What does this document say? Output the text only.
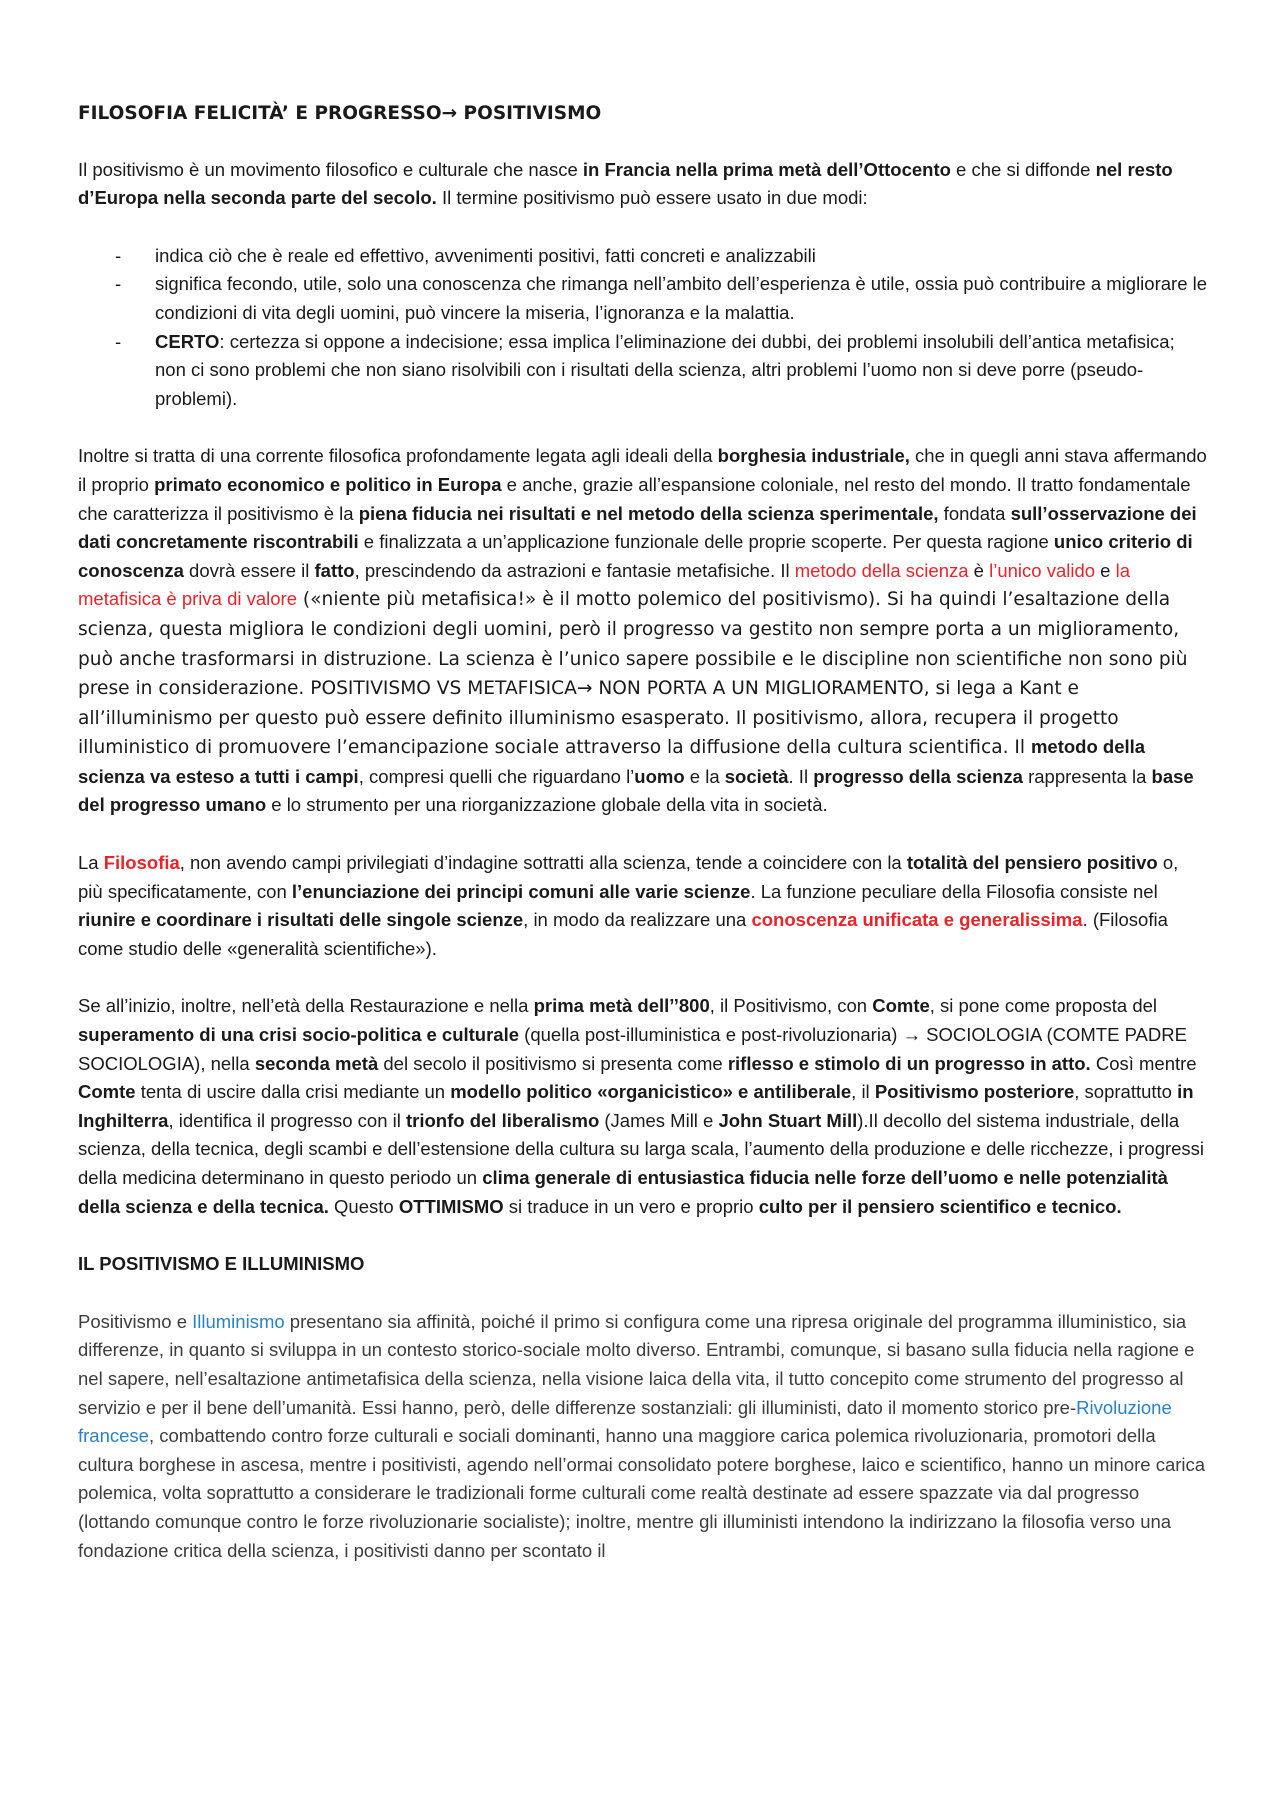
FILOSOFIA FELICITÀ’ E PROGRESSO→ POSITIVISMO

Il positivismo è un movimento filosofico e culturale che nasce in Francia nella prima metà dell’Ottocento e che si diffonde nel resto d’Europa nella seconda parte del secolo. Il termine positivismo può essere usato in due modi:

- indica ciò che è reale ed effettivo, avvenimenti positivi, fatti concreti e analizzabili
- significa fecondo, utile, solo una conoscenza che rimanga nell’ambito dell’esperienza è utile, ossia può contribuire a migliorare le condizioni di vita degli uomini, può vincere la miseria, l’ignoranza e la malattia.
- CERTO: certezza si oppone a indecisione; essa implica l’eliminazione dei dubbi, dei problemi insolubili dell’antica metafisica; non ci sono problemi che non siano risolvibili con i risultati della scienza, altri problemi l’uomo non si deve porre (pseudo-problemi).

Inoltre si tratta di una corrente filosofica profondamente legata agli ideali della borghesia industriale, che in quegli anni stava affermando il proprio primato economico e politico in Europa e anche, grazie all’espansione coloniale, nel resto del mondo. Il tratto fondamentale che caratterizza il positivismo è la piena fiducia nei risultati e nel metodo della scienza sperimentale, fondata sull’osservazione dei dati concretamente riscontrabili e finalizzata a un’applicazione funzionale delle proprie scoperte. Per questa ragione unico criterio di conoscenza dovrà essere il fatto, prescindendo da astrazioni e fantasie metafisiche. Il metodo della scienza è l’unico valido e la metafisica è priva di valore («niente più metafisica!» è il motto polemico del positivismo). Si ha quindi l’esaltazione della scienza, questa migliora le condizioni degli uomini, però il progresso va gestito non sempre porta a un miglioramento, può anche trasformarsi in distruzione. La scienza è l’unico sapere possibile e le discipline non scientifiche non sono più prese in considerazione. POSITIVISMO VS METAFISICA→ NON PORTA A UN MIGLIORAMENTO, si lega a Kant e all’illuminismo per questo può essere definito illuminismo esasperato. Il positivismo, allora, recupera il progetto illuministico di promuovere l’emancipazione sociale attraverso la diffusione della cultura scientifica. Il metodo della scienza va esteso a tutti i campi, compresi quelli che riguardano l’uomo e la società. Il progresso della scienza rappresenta la base del progresso umano e lo strumento per una riorganizzazione globale della vita in società.

La Filosofia, non avendo campi privilegiati d’indagine sottratti alla scienza, tende a coincidere con la totalità del pensiero positivo o, più specificatamente, con l’enunciazione dei principi comuni alle varie scienze. La funzione peculiare della Filosofia consiste nel riunire e coordinare i risultati delle singole scienze, in modo da realizzare una conoscenza unificata e generalissima. (Filosofia come studio delle «generalità scientifiche»).

Se all’inizio, inoltre, nell’età della Restaurazione e nella prima metà dell’’800, il Positivismo, con Comte, si pone come proposta del superamento di una crisi socio-politica e culturale (quella post-illuministica e post-rivoluzionaria) → SOCIOLOGIA (COMTE PADRE SOCIOLOGIA), nella seconda metà del secolo il positivismo si presenta come riflesso e stimolo di un progresso in atto. Così mentre Comte tenta di uscire dalla crisi mediante un modello politico «organicistico» e antiliberale, il Positivismo posteriore, soprattutto in Inghilterra, identifica il progresso con il trionfo del liberalismo (James Mill e John Stuart Mill).Il decollo del sistema industriale, della scienza, della tecnica, degli scambi e dell’estensione della cultura su larga scala, l’aumento della produzione e delle ricchezze, i progressi della medicina determinano in questo periodo un clima generale di entusiastica fiducia nelle forze dell’uomo e nelle potenzialità della scienza e della tecnica. Questo OTTIMISMO si traduce in un vero e proprio culto per il pensiero scientifico e tecnico.

IL POSITIVISMO E ILLUMINISMO

Positivismo e Illuminismo presentano sia affinità, poiché il primo si configura come una ripresa originale del programma illuministico, sia differenze, in quanto si sviluppa in un contesto storico-sociale molto diverso. Entrambi, comunque, si basano sulla fiducia nella ragione e nel sapere, nell’esaltazione antimetafisica della scienza, nella visione laica della vita, il tutto concepito come strumento del progresso al servizio e per il bene dell’umanità. Essi hanno, però, delle differenze sostanziali: gli illuministi, dato il momento storico pre-Rivoluzione francese, combattendo contro forze culturali e sociali dominanti, hanno una maggiore carica polemica rivoluzionaria, promotori della cultura borghese in ascesa, mentre i positivisti, agendo nell’ormai consolidato potere borghese, laico e scientifico, hanno un minore carica polemica, volta soprattutto a considerare le tradizionali forme culturali come realtà destinate ad essere spazzate via dal progresso (lottando comunque contro le forze rivoluzionarie socialiste); inoltre, mentre gli illuministi intendono la indirizzano la filosofia verso una fondazione critica della scienza, i positivisti danno per scontato il
